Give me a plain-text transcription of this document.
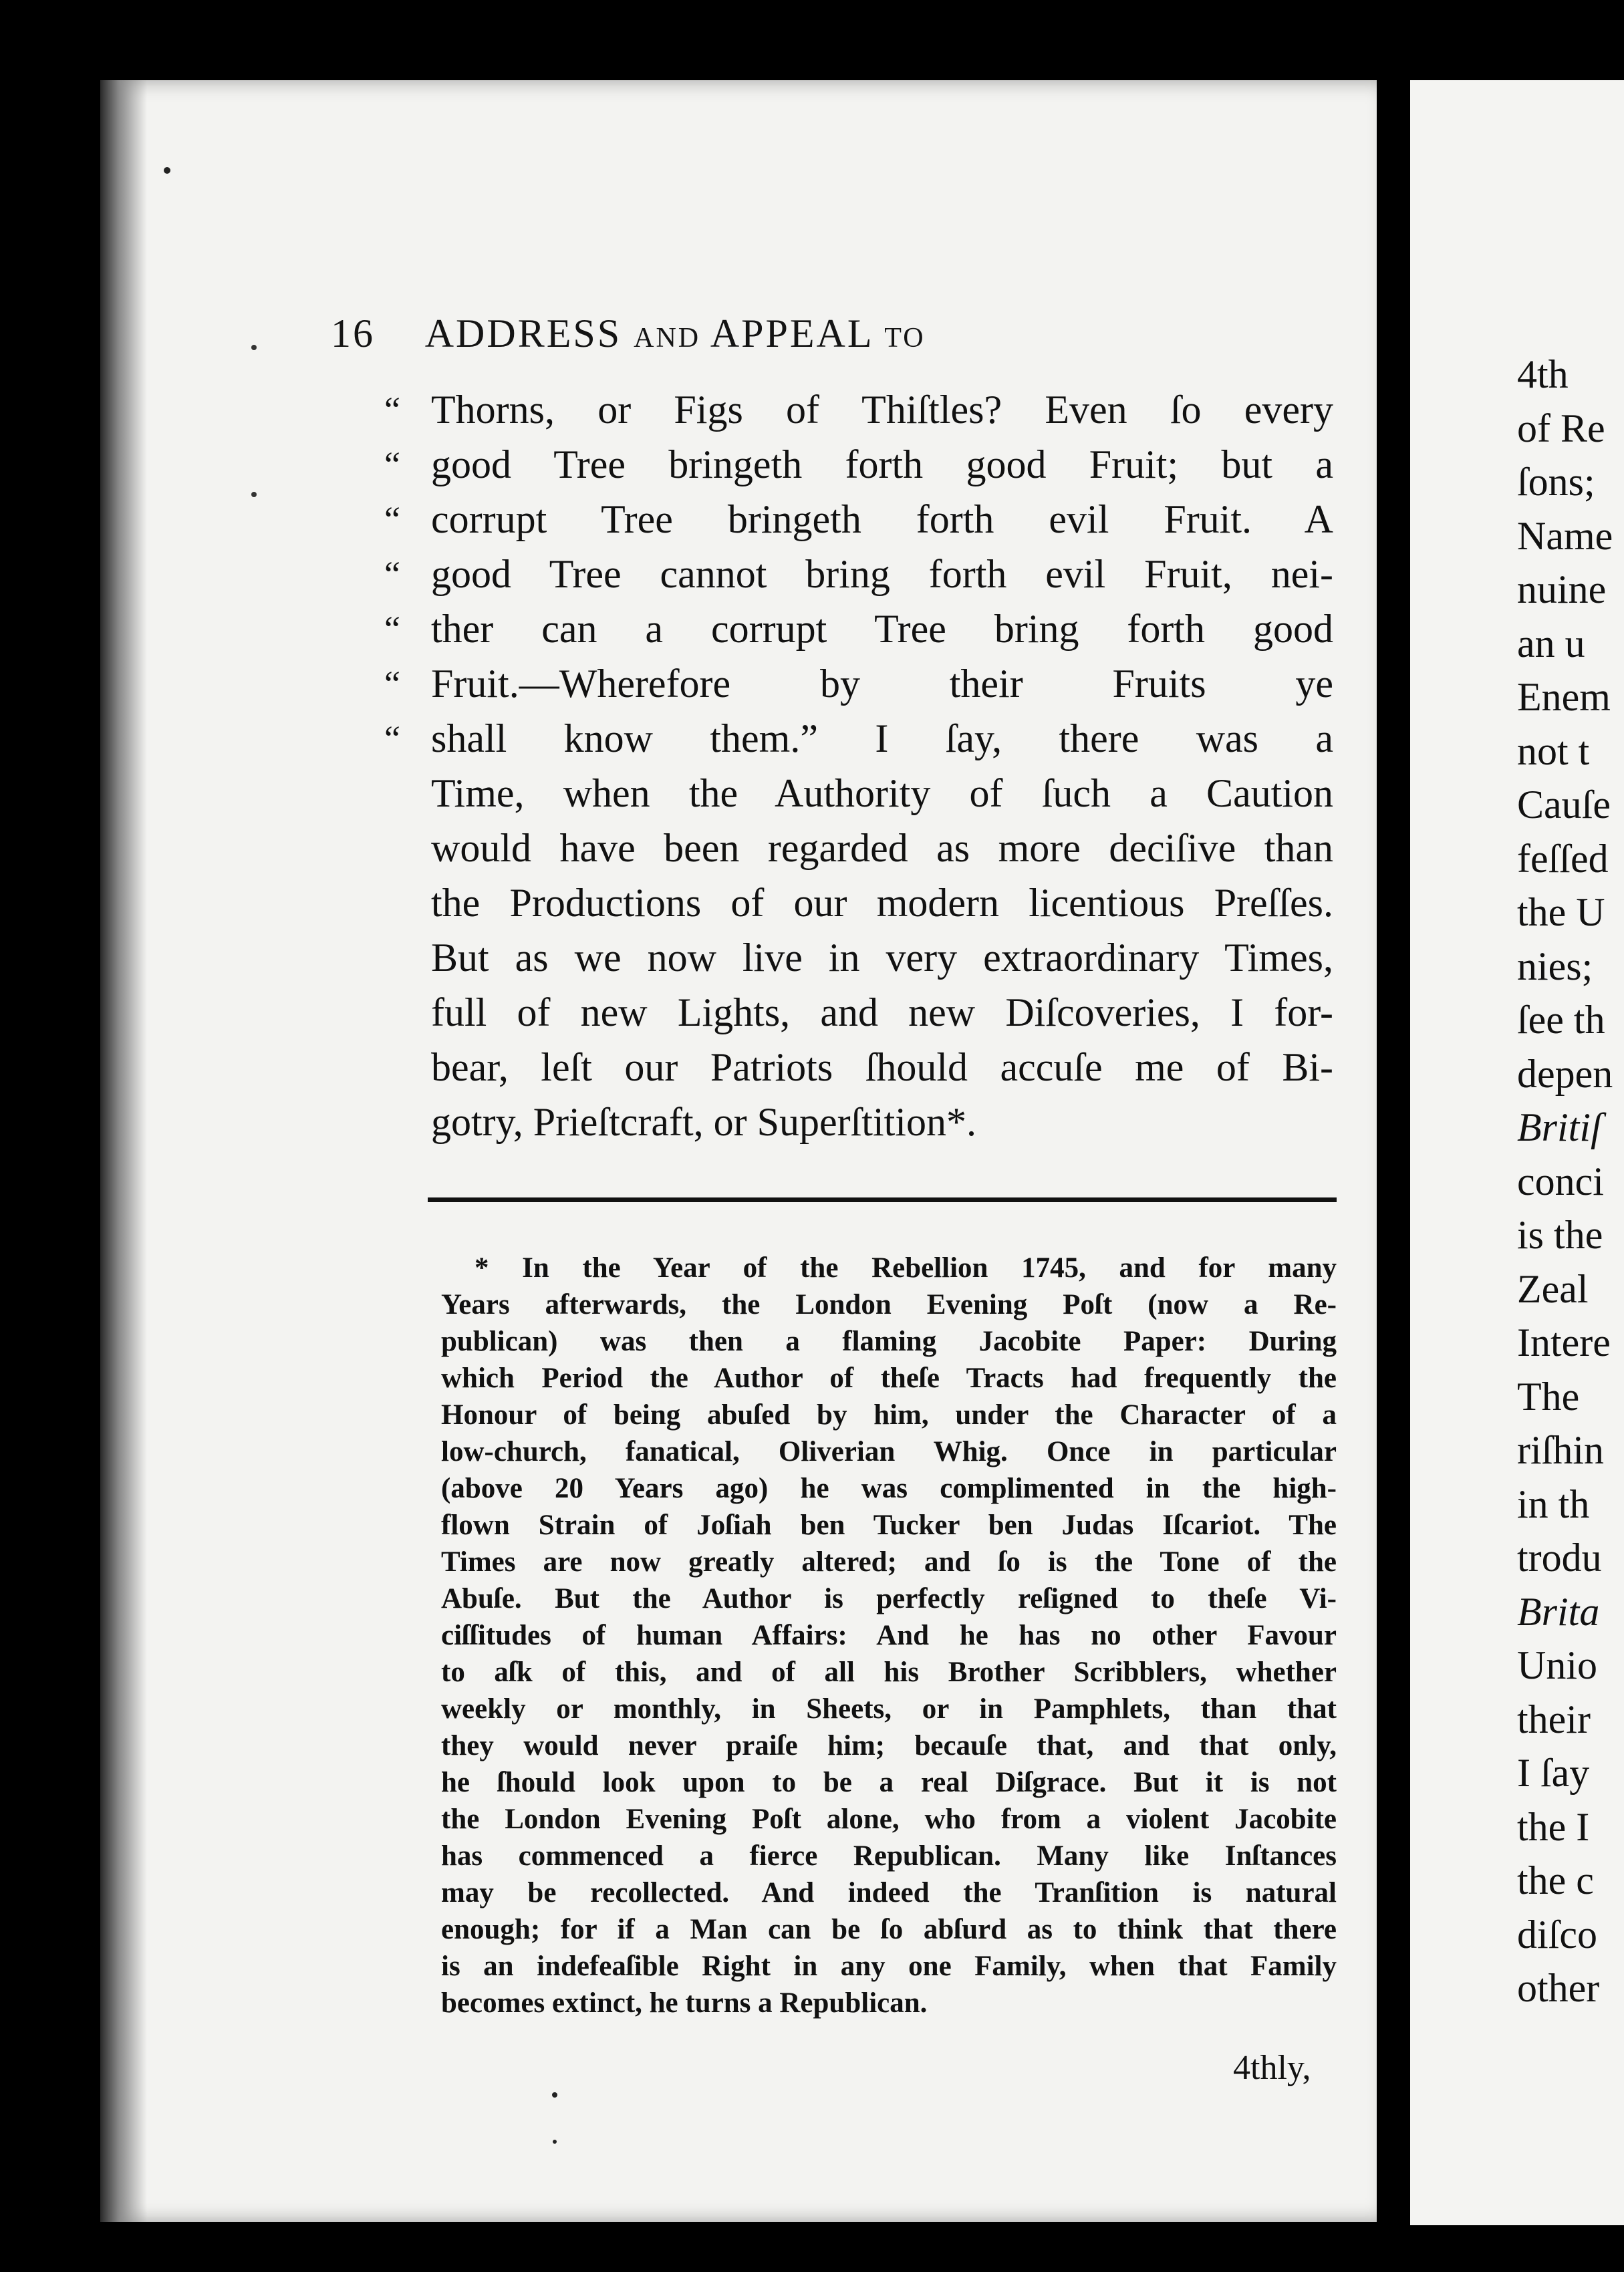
16 ADDRESS AND APPEAL TO
“ Thorns, or Figs of Thiſtles? Even ſo every
“ good Tree bringeth forth good Fruit; but a
“ corrupt Tree bringeth forth evil Fruit. A
“ good Tree cannot bring forth evil Fruit, nei-
“ ther can a corrupt Tree bring forth good
“ Fruit.—Wherefore by their Fruits ye
“ shall know them.” I ſay, there was a
Time, when the Authority of ſuch a Caution
would have been regarded as more deciſive than
the Productions of our modern licentious Preſſes.
But as we now live in very extraordinary Times,
full of new Lights, and new Diſcoveries, I for-
bear, leſt our Patriots ſhould accuſe me of Bi-
gotry, Prieſtcraft, or Superſtition*.
* In the Year of the Rebellion 1745, and for many
Years afterwards, the London Evening Poſt (now a Re-
publican) was then a flaming Jacobite Paper: During
which Period the Author of theſe Tracts had frequently the
Honour of being abuſed by him, under the Character of a
low-church, fanatical, Oliverian Whig. Once in particular
(above 20 Years ago) he was complimented in the high-
flown Strain of Joſiah ben Tucker ben Judas Iſcariot. The
Times are now greatly altered; and ſo is the Tone of the
Abuſe. But the Author is perfectly reſigned to theſe Vi-
ciſſitudes of human Affairs: And he has no other Favour
to aſk of this, and of all his Brother Scribblers, whether
weekly or monthly, in Sheets, or in Pamphlets, than that
they would never praiſe him; becauſe that, and that only,
he ſhould look upon to be a real Diſgrace. But it is not
the London Evening Poſt alone, who from a violent Jacobite
has commenced a fierce Republican. Many like Inſtances
may be recollected. And indeed the Tranſition is natural
enough; for if a Man can be ſo abſurd as to think that there
is an indefeaſible Right in any one Family, when that Family
becomes extinct, he turns a Republican.
4thly,
4th
of Re
ſons;
Name
nuine
an u
Enem
not t
Cauſe
feſſed
the U
nies;
ſee th
depen
Britiſ
conci
is the
Zeal
Intere
The
riſhin
in th
trodu
Brita
Unio
their
I ſay
the I
the c
diſco
other
